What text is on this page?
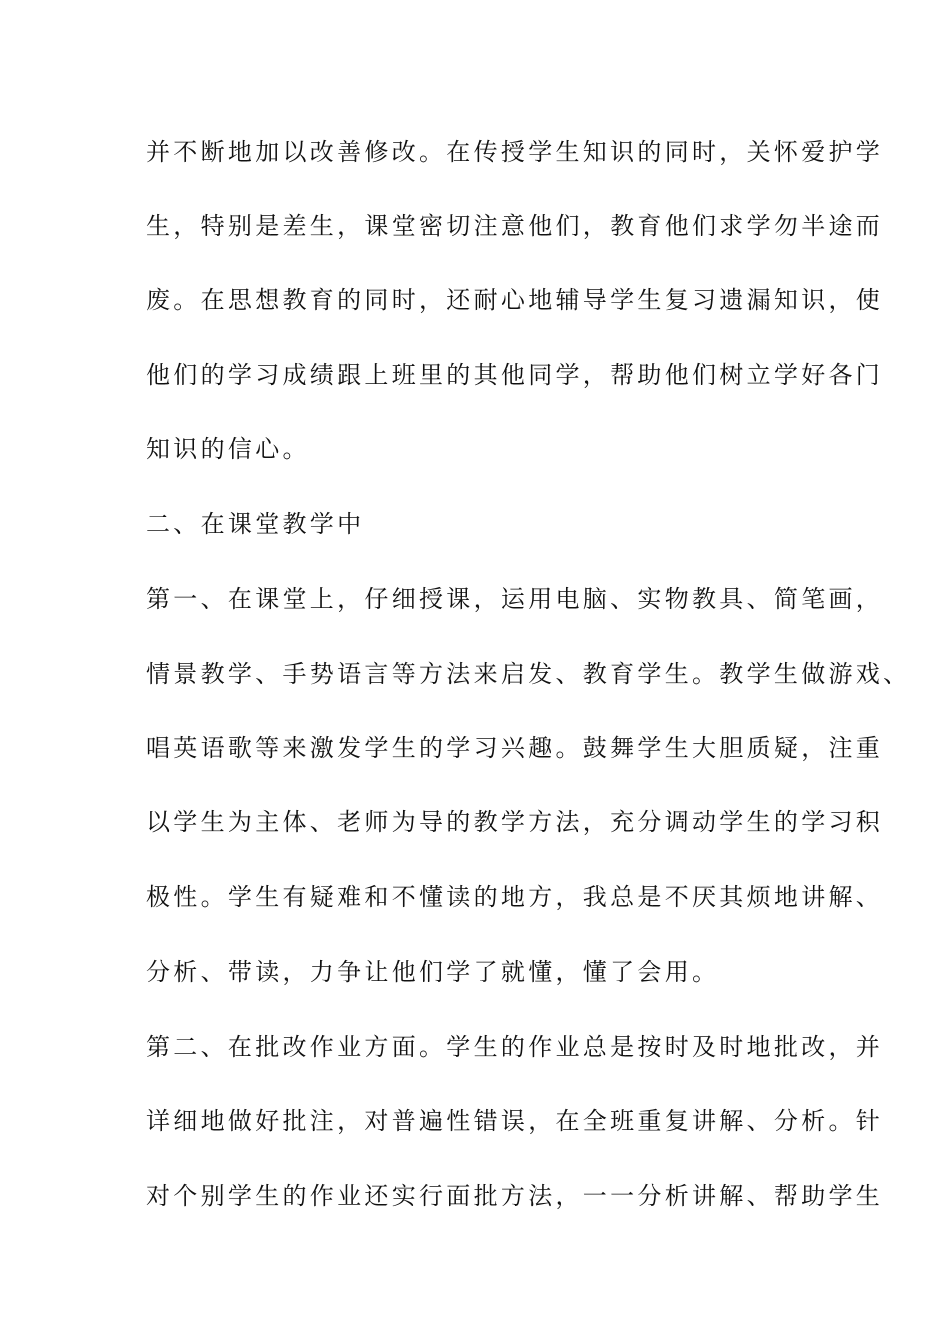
并不断地加以改善修改。在传授学生知识的同时，关怀爱护学
生，特别是差生，课堂密切注意他们，教育他们求学勿半途而
废。在思想教育的同时，还耐心地辅导学生复习遗漏知识，使
他们的学习成绩跟上班里的其他同学，帮助他们树立学好各门
知识的信心。
二、在课堂教学中
第一、在课堂上，仔细授课，运用电脑、实物教具、简笔画，
情景教学、手势语言等方法来启发、教育学生。教学生做游戏、
唱英语歌等来激发学生的学习兴趣。鼓舞学生大胆质疑，注重
以学生为主体、老师为导的教学方法，充分调动学生的学习积
极性。学生有疑难和不懂读的地方，我总是不厌其烦地讲解、
分析、带读，力争让他们学了就懂，懂了会用。
第二、在批改作业方面。学生的作业总是按时及时地批改，并
详细地做好批注，对普遍性错误，在全班重复讲解、分析。针
对个别学生的作业还实行面批方法，一一分析讲解、帮助学生
